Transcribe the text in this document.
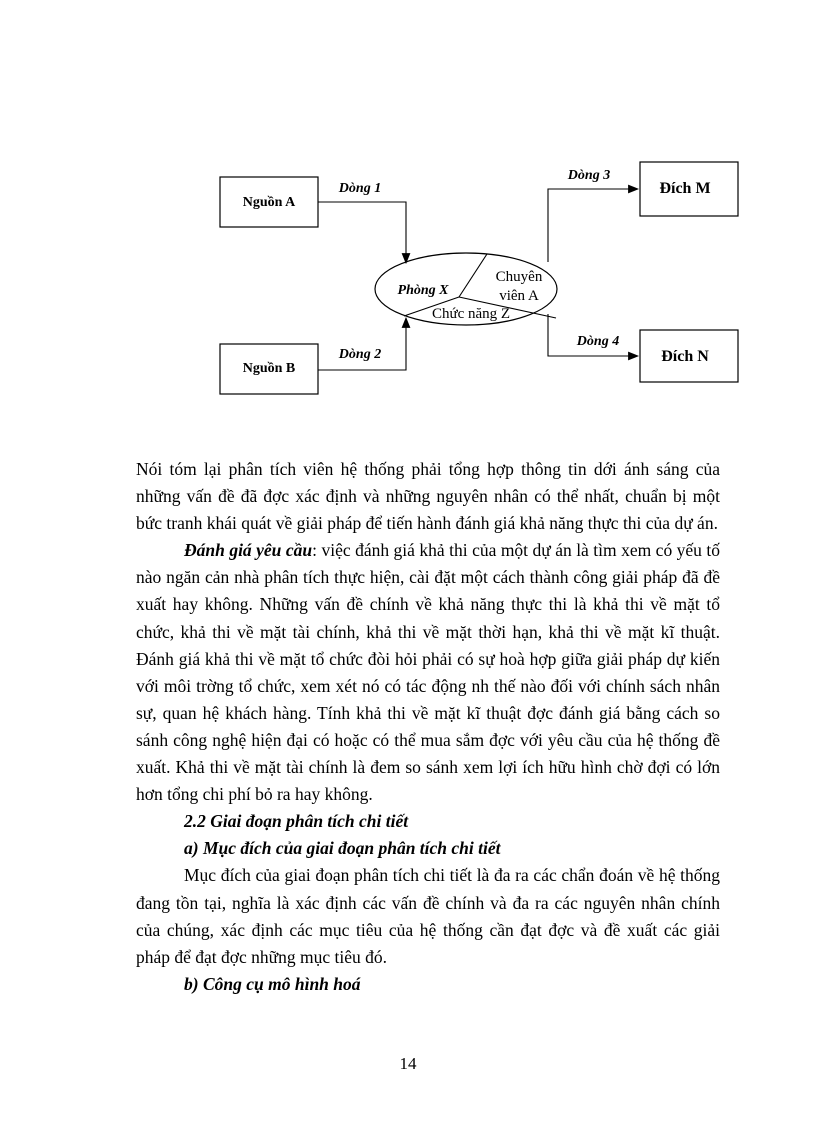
Nguồn A
Nguồn B
Đích M
Đích N
Phòng X
Chuyên
viên A
Chức năng Z
Dòng 1
Dòng 2
Dòng 3
Dòng 4

Nói tóm lại phân tích viên hệ thống phải tổng hợp thông tin dới ánh sáng của những vấn đề đã đợc xác định và những nguyên nhân có thể nhất, chuẩn bị một bức tranh khái quát về giải pháp để tiến hành đánh giá khả năng thực thi của dự án.

Đánh giá yêu cầu: việc đánh giá khả thi của một dự án là tìm xem có yếu tố nào ngăn cản nhà phân tích thực hiện, cài đặt một cách thành công giải pháp đã đề xuất hay không. Những vấn đề chính về khả năng thực thi là khả thi về mặt tổ chức, khả thi về mặt tài chính, khả thi về mặt thời hạn, khả thi về mặt kĩ thuật. Đánh giá khả thi về mặt tổ chức đòi hỏi phải có sự hoà hợp giữa giải pháp dự kiến với môi trờng tổ chức, xem xét nó có tác động nh thế nào đối với chính sách nhân sự, quan hệ khách hàng. Tính khả thi về mặt kĩ thuật đợc đánh giá bằng cách so sánh công nghệ hiện đại có hoặc có thể mua sắm đợc với yêu cầu của hệ thống đề xuất. Khả thi về mặt tài chính là đem so sánh xem lợi ích hữu hình chờ đợi có lớn hơn tổng chi phí bỏ ra hay không.

2.2 Giai đoạn phân tích chi tiết

a) Mục đích của giai đoạn phân tích chi tiết

Mục đích của giai đoạn phân tích chi tiết là đa ra các chẩn đoán về hệ thống đang tồn tại, nghĩa là xác định các vấn đề chính và đa ra các nguyên nhân chính của chúng, xác định các mục tiêu của hệ thống cần đạt đợc và đề xuất các giải pháp để đạt đợc những mục tiêu đó.

b) Công cụ mô hình hoá

14
